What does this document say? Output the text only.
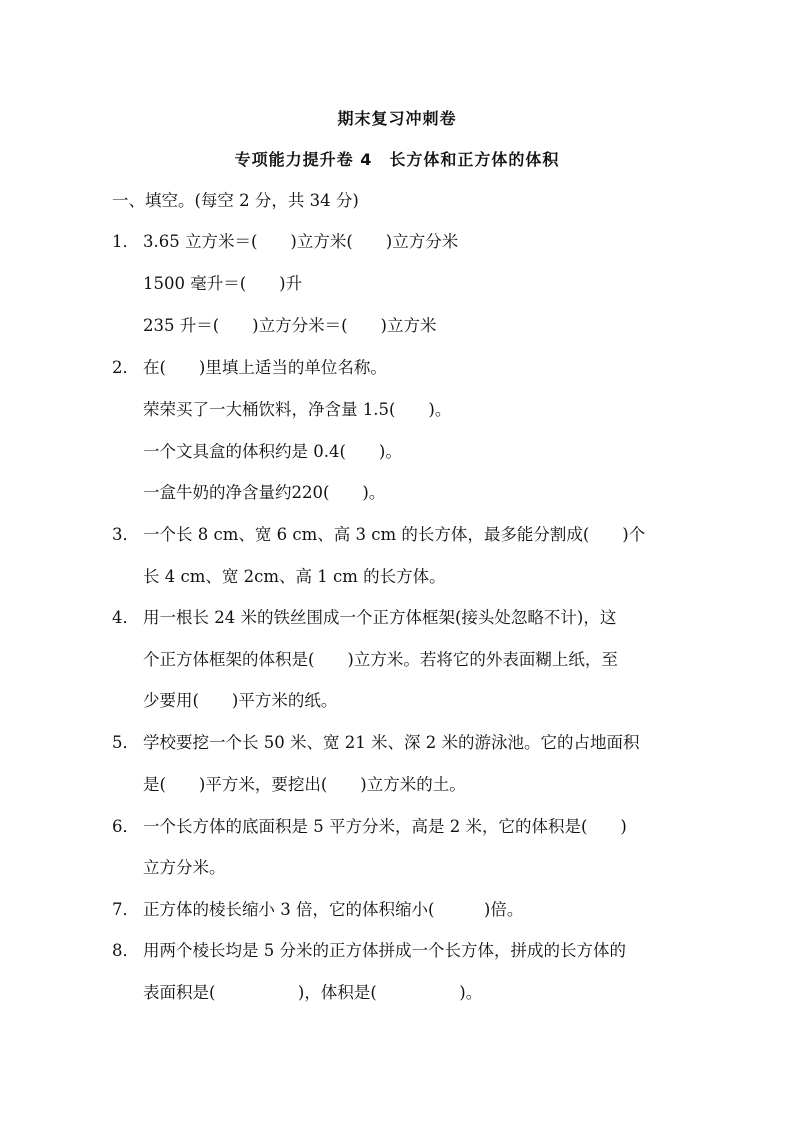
期末复习冲刺卷
专项能力提升卷 4　长方体和正方体的体积
一、填空。(每空 2 分，共 34 分)
1． 3.65 立方米＝(　　)立方米(　　)立方分米
1500 毫升＝(　　)升
235 升＝(　　)立方分米＝(　　)立方米
2． 在(　　)里填上适当的单位名称。
荣荣买了一大桶饮料，净含量 1.5(　　)。
一个文具盒的体积约是 0.4(　　)。
一盒牛奶的净含量约220(　　)。
3． 一个长 8 cm、宽 6 cm、高 3 cm 的长方体，最多能分割成(　　)个
长 4 cm、宽 2cm、高 1 cm 的长方体。
4． 用一根长 24 米的铁丝围成一个正方体框架(接头处忽略不计)，这
个正方体框架的体积是(　　)立方米。若将它的外表面糊上纸，至
少要用(　　)平方米的纸。
5． 学校要挖一个长 50 米、宽 21 米、深 2 米的游泳池。它的占地面积
是(　　)平方米，要挖出(　　)立方米的土。
6． 一个长方体的底面积是 5 平方分米，高是 2 米，它的体积是(　　)
立方分米。
7． 正方体的棱长缩小 3 倍，它的体积缩小(　　　)倍。
8． 用两个棱长均是 5 分米的正方体拼成一个长方体，拼成的长方体的
表面积是(　　　　　)，体积是(　　　　　)。
